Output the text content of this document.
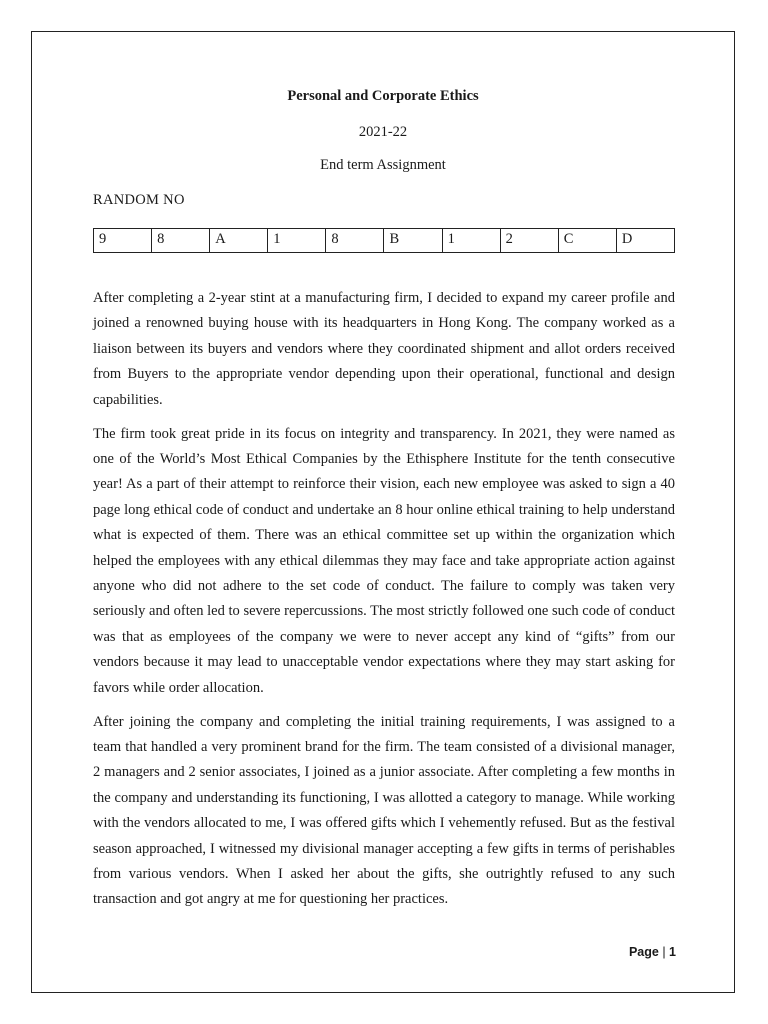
Personal and Corporate Ethics
2021-22
End term Assignment
RANDOM NO
9	8	A	1	8	B	1	2	C	D

After completing a 2-year stint at a manufacturing firm, I decided to expand my career profile and joined a renowned buying house with its headquarters in Hong Kong. The company worked as a liaison between its buyers and vendors where they coordinated shipment and allot orders received from Buyers to the appropriate vendor depending upon their operational, functional and design capabilities.

The firm took great pride in its focus on integrity and transparency. In 2021, they were named as one of the World’s Most Ethical Companies by the Ethisphere Institute for the tenth consecutive year! As a part of their attempt to reinforce their vision, each new employee was asked to sign a 40 page long ethical code of conduct and undertake an 8 hour online ethical training to help understand what is expected of them. There was an ethical committee set up within the organization which helped the employees with any ethical dilemmas they may face and take appropriate action against anyone who did not adhere to the set code of conduct. The failure to comply was taken very seriously and often led to severe repercussions. The most strictly followed one such code of conduct was that as employees of the company we were to never accept any kind of “gifts” from our vendors because it may lead to unacceptable vendor expectations where they may start asking for favors while order allocation.

After joining the company and completing the initial training requirements, I was assigned to a team that handled a very prominent brand for the firm. The team consisted of a divisional manager, 2 managers and 2 senior associates, I joined as a junior associate. After completing a few months in the company and understanding its functioning, I was allotted a category to manage. While working with the vendors allocated to me, I was offered gifts which I vehemently refused. But as the festival season approached, I witnessed my divisional manager accepting a few gifts in terms of perishables from various vendors. When I asked her about the gifts, she outrightly refused to any such transaction and got angry at me for questioning her practices.

Page | 1
